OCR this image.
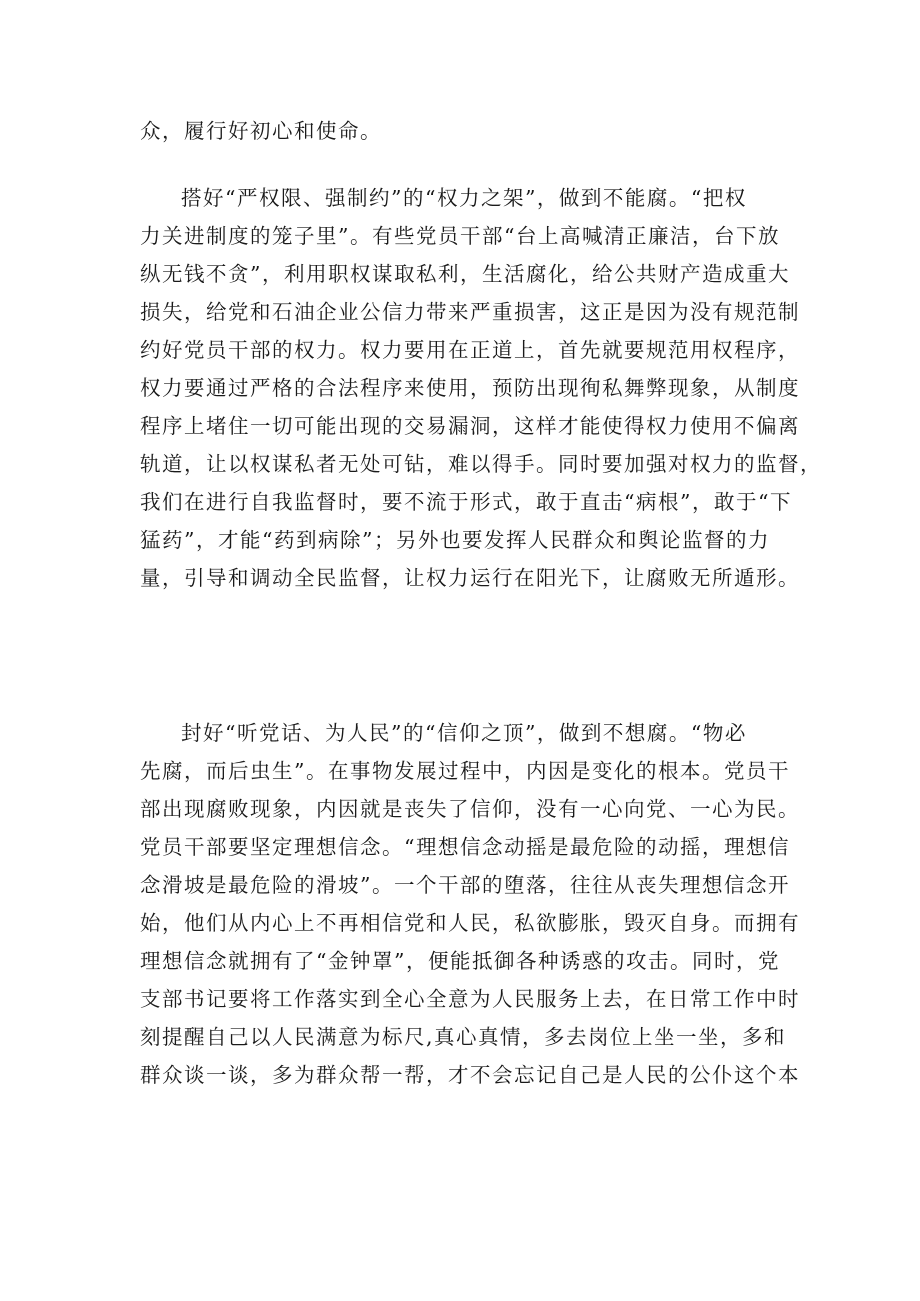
众，履行好初心和使命。
搭好“严权限、强制约”的“权力之架”，做到不能腐。“把权
力关进制度的笼子里”。有些党员干部“台上高喊清正廉洁，台下放
纵无钱不贪”，利用职权谋取私利，生活腐化，给公共财产造成重大
损失，给党和石油企业公信力带来严重损害，这正是因为没有规范制
约好党员干部的权力。权力要用在正道上，首先就要规范用权程序，
权力要通过严格的合法程序来使用，预防出现徇私舞弊现象，从制度
程序上堵住一切可能出现的交易漏洞，这样才能使得权力使用不偏离
轨道，让以权谋私者无处可钻，难以得手。同时要加强对权力的监督，
我们在进行自我监督时，要不流于形式，敢于直击“病根”，敢于“下
猛药”，才能“药到病除”；另外也要发挥人民群众和舆论监督的力
量，引导和调动全民监督，让权力运行在阳光下，让腐败无所遁形。
封好“听党话、为人民”的“信仰之顶”，做到不想腐。“物必
先腐，而后虫生”。在事物发展过程中，内因是变化的根本。党员干
部出现腐败现象，内因就是丧失了信仰，没有一心向党、一心为民。
党员干部要坚定理想信念。“理想信念动摇是最危险的动摇，理想信
念滑坡是最危险的滑坡”。一个干部的堕落，往往从丧失理想信念开
始，他们从内心上不再相信党和人民，私欲膨胀，毁灭自身。而拥有
理想信念就拥有了“金钟罩”，便能抵御各种诱惑的攻击。同时，党
支部书记要将工作落实到全心全意为人民服务上去，在日常工作中时
刻提醒自己以人民满意为标尺,真心真情，多去岗位上坐一坐，多和
群众谈一谈，多为群众帮一帮，才不会忘记自己是人民的公仆这个本
